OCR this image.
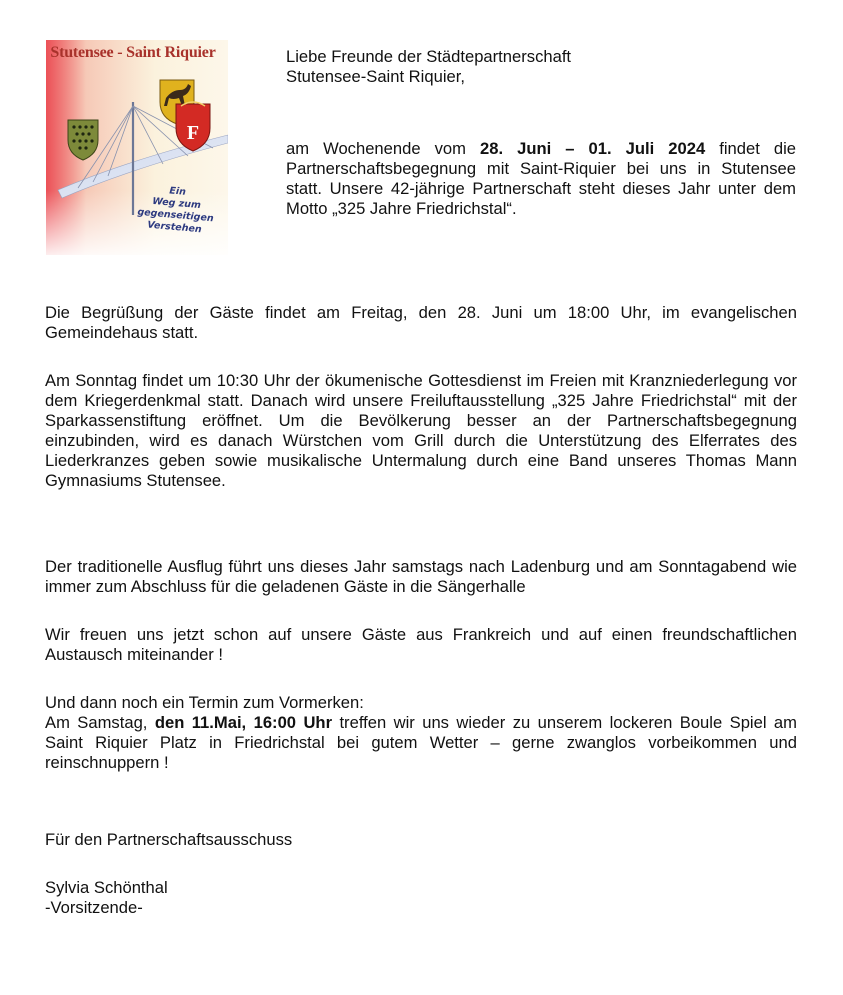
Stutensee - Saint Riquier
F
Ein
Weg zum
gegenseitigen
Verstehen
Liebe Freunde der Städtepartnerschaft
Stutensee-Saint Riquier,

am Wochenende vom 28. Juni – 01. Juli 2024 findet die Partnerschaftsbegegnung mit Saint-Riquier bei uns in Stutensee statt. Unsere 42-jährige Partnerschaft steht dieses Jahr unter dem Motto „325 Jahre Friedrichstal“.

Die Begrüßung der Gäste findet am Freitag, den 28. Juni um 18:00 Uhr, im evangelischen Gemeindehaus statt.

Am Sonntag findet um 10:30 Uhr der ökumenische Gottesdienst im Freien mit Kranzniederlegung vor dem Kriegerdenkmal statt. Danach wird unsere Freiluftausstellung „325 Jahre Friedrichstal“ mit der Sparkassenstiftung eröffnet. Um die Bevölkerung besser an der Partnerschaftsbegegnung einzubinden, wird es danach Würstchen vom Grill durch die Unterstützung des Elferrates des Liederkranzes geben sowie musikalische Untermalung durch eine Band unseres Thomas Mann Gymnasiums Stutensee.

Der traditionelle Ausflug führt uns dieses Jahr samstags nach Ladenburg und am Sonntagabend wie immer zum Abschluss für die geladenen Gäste in die Sängerhalle

Wir freuen uns jetzt schon auf unsere Gäste aus Frankreich und auf einen freundschaftlichen Austausch miteinander !

Und dann noch ein Termin zum Vormerken:

Am Samstag, den 11.Mai, 16:00 Uhr treffen wir uns wieder zu unserem lockeren Boule Spiel am Saint Riquier Platz in Friedrichstal bei gutem Wetter – gerne zwanglos vorbeikommen und reinschnuppern !

Für den Partnerschaftsausschuss
Sylvia Schönthal
-Vorsitzende-
